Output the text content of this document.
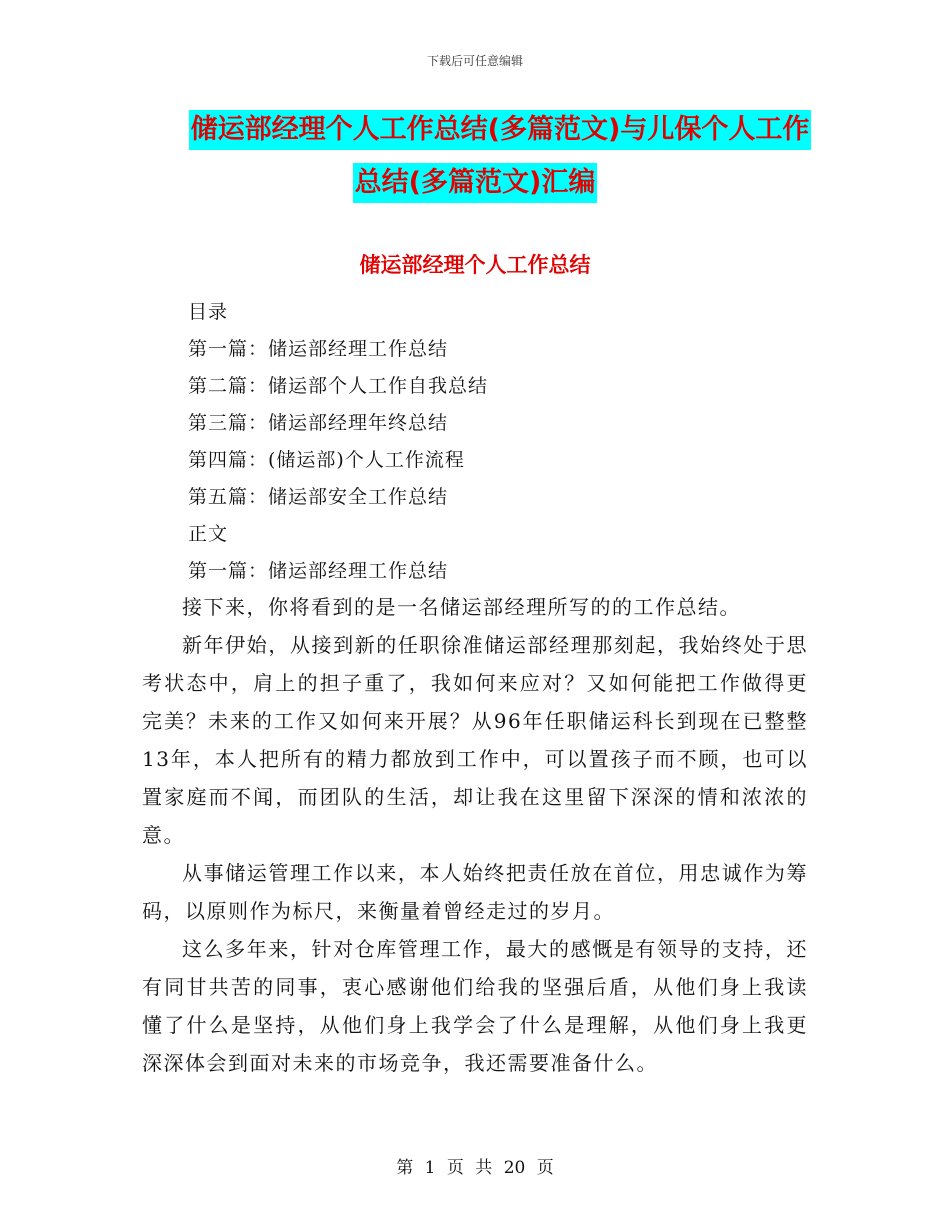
下载后可任意编辑
储运部经理个人工作总结(多篇范文)与儿保个人工作
总结(多篇范文)汇编
储运部经理个人工作总结
目录
第一篇：储运部经理工作总结
第二篇：储运部个人工作自我总结
第三篇：储运部经理年终总结
第四篇：(储运部)个人工作流程
第五篇：储运部安全工作总结
正文
第一篇：储运部经理工作总结

接下来，你将看到的是一名储运部经理所写的的工作总结。

新年伊始，从接到新的任职徐准储运部经理那刻起，我始终处于思考状态中，肩上的担子重了，我如何来应对？又如何能把工作做得更完美？未来的工作又如何来开展？从96年任职储运科长到现在已整整13年，本人把所有的精力都放到工作中，可以置孩子而不顾，也可以置家庭而不闻，而团队的生活，却让我在这里留下深深的情和浓浓的意。

从事储运管理工作以来，本人始终把责任放在首位，用忠诚作为筹码，以原则作为标尺，来衡量着曾经走过的岁月。

这么多年来，针对仓库管理工作，最大的感慨是有领导的支持，还有同甘共苦的同事，衷心感谢他们给我的坚强后盾，从他们身上我读懂了什么是坚持，从他们身上我学会了什么是理解，从他们身上我更深深体会到面对未来的市场竞争，我还需要准备什么。

第 1 页 共 20 页
